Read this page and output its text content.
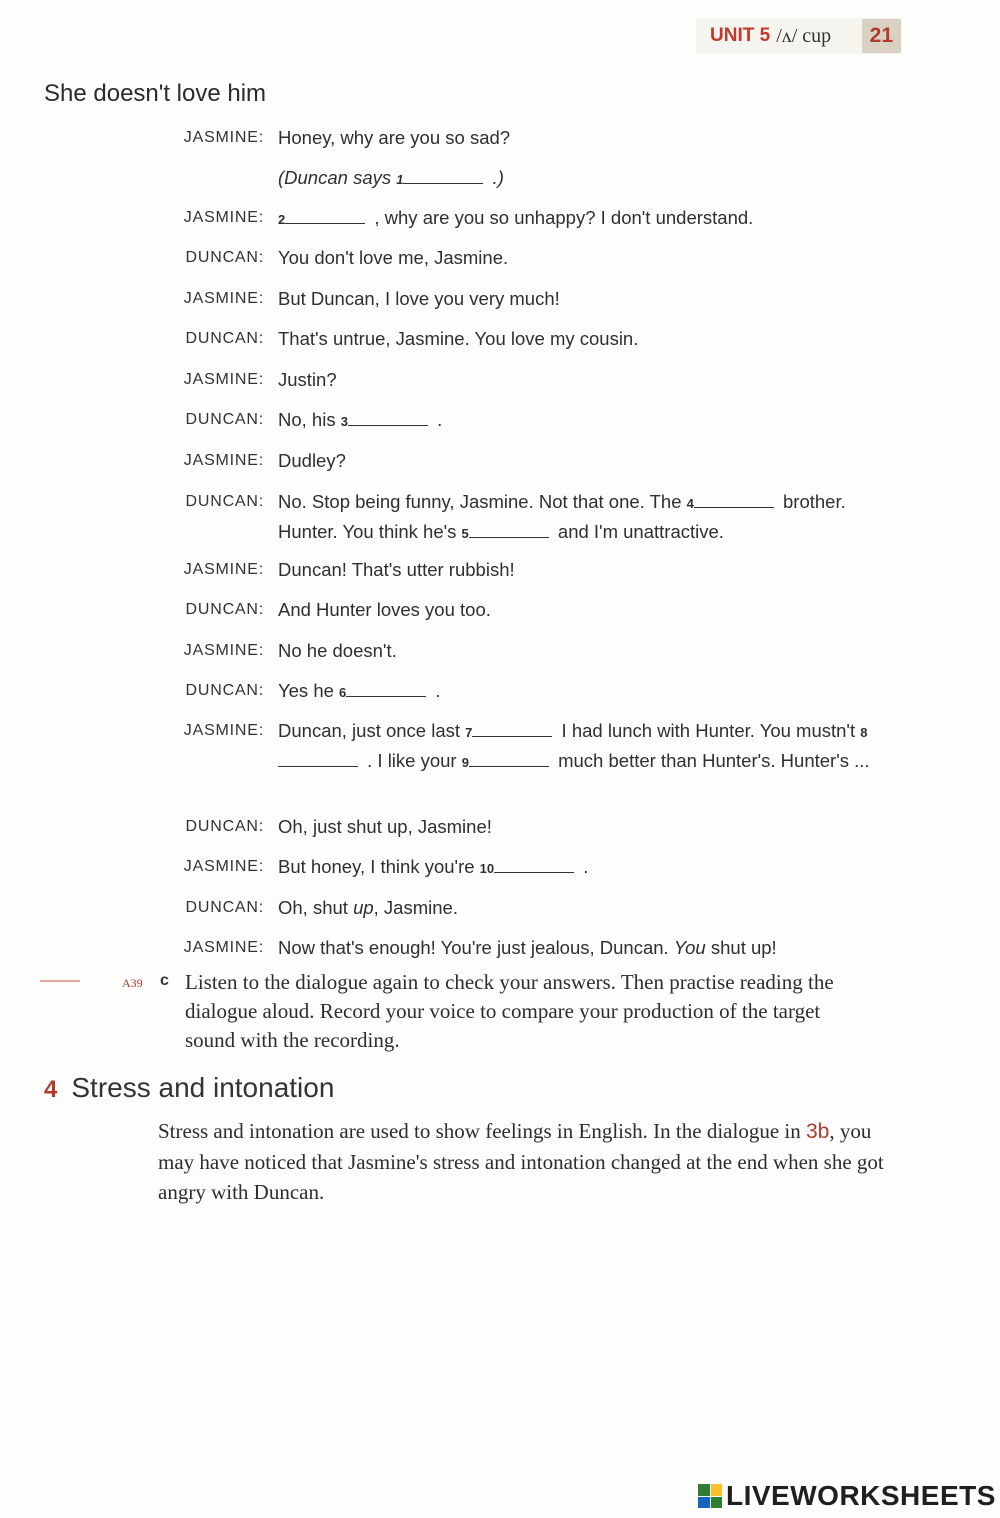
UNIT 5 /ʌ/ cup	21
She doesn't love him
JASMINE: Honey, why are you so sad?
(Duncan says 1	.)
JASMINE: 2	, why are you so unhappy? I don't understand.
DUNCAN: You don't love me, Jasmine.
JASMINE: But Duncan, I love you very much!
DUNCAN: That's untrue, Jasmine. You love my cousin.
JASMINE: Justin?
DUNCAN: No, his 3	.
JASMINE: Dudley?
DUNCAN: No. Stop being funny, Jasmine. Not that one. The 4	brother. Hunter. You think he's 5	and I'm unattractive.
JASMINE: Duncan! That's utter rubbish!
DUNCAN: And Hunter loves you too.
JASMINE: No he doesn't.
DUNCAN: Yes he 6	.
JASMINE: Duncan, just once last 7	I had lunch with Hunter. You mustn't 8 . I like your 9	much better than Hunter's. Hunter's ...
DUNCAN: Oh, just shut up, Jasmine!
JASMINE: But honey, I think you're 10	.
DUNCAN: Oh, shut up, Jasmine.
JASMINE: Now that's enough! You're just jealous, Duncan. You shut up!
A39 c Listen to the dialogue again to check your answers. Then practise reading the dialogue aloud. Record your voice to compare your production of the target sound with the recording.
4 Stress and intonation
Stress and intonation are used to show feelings in English. In the dialogue in 3b, you may have noticed that Jasmine's stress and intonation changed at the end when she got angry with Duncan.
LIVEWORKSHEETS
